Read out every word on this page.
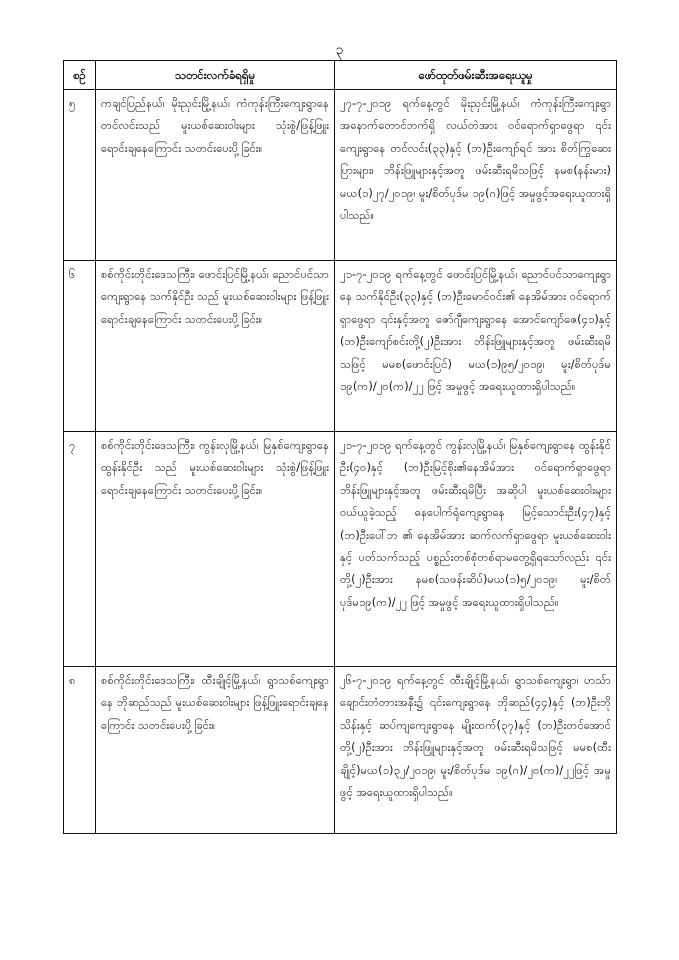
၃
စဉ်	သတင်းလက်ခံရရှိမှု	ဖော်ထုတ်ဖမ်းဆီးအရေးယူမှု
၅	ကချင်ပြည်နယ်၊ မိုးညှင်းမြို့နယ်၊ ကံကုန်းကြီးကျေးရွာနေ တင်လင်းသည် မူးယစ်ဆေးဝါးများ သုံးစွဲ/ဖြန့်ဖြူးရောင်းချနေကြောင်း သတင်းပေးပို့ခြင်း။	၂၇-၇-၂၀၁၉ ရက်နေ့တွင် မိုးညှင်းမြို့နယ်၊ ကံကုန်းကြီးကျေးရွာအနောက်တောင်ဘက်ရှိ လယ်တဲအား ဝင်ရောက်ရှာဖွေရာ ၎င်းကျေးရွာနေ တင်လင်း(၃၃)နှင့် (ဘ)ဦးကျော်ရင် အား စိတ်ကြွဆေးပြားများ၊ ဘိန်းဖြူများနှင့်အတူ ဖမ်းဆီးရမိသဖြင့် နမစ(နန်းမား) မယ(၁)၂၇/၂၀၁၉၊ မူး/စိတ်ပုဒ်မ ၁၉(ဂ)ဖြင့် အမှုဖွင့်အရေးယူထားရှိပါသည်။
၆	စစ်ကိုင်းတိုင်းဒေသကြီး၊ ဖောင်းပြင်မြို့နယ်၊ ညောင်ပင်သာကျေးရွာနေ သက်နိုင်ဦး သည် မူးယစ်ဆေးဝါးများ ဖြန့်ဖြူးရောင်းချနေကြောင်း သတင်းပေးပို့ခြင်း။	၂၁-၇-၂၀၁၉ ရက်နေ့တွင် ဖောင်းပြင်မြို့နယ်၊ ညောင်ပင်သာကျေးရွာနေ သက်နိုင်ဦး(၃၃)နှင့် (ဘ)ဦးမောင်ဝင်း၏ နေအိမ်အား ဝင်ရောက်ရှာဖွေရာ ၎င်းနှင့်အတူ ဇော်ဂျီကျေးရွာနေ အောင်ကျော်ဇေ(၄၁)နှင့် (ဘ)ဦးကျော်စင်းတို့(၂)ဦးအား ဘိန်းဖြူများနှင့်အတူ ဖမ်းဆီးရမိသဖြင့် မမစ(ဖောင်းပြင်) မယ(၁)၉၅/၂၀၁၉၊ မူး/စိတ်ပုဒ်မ ၁၉(က)/၂၀(က)/၂၂ ဖြင့် အမှုဖွင့် အရေးယူထားရှိပါသည်။
၇	စစ်ကိုင်းတိုင်းဒေသကြီး၊ ကွန်းလှမြို့နယ်၊ မြနှစ်ကျေးရွာနေ ထွန်းနိုင်ဦး သည် မူးယစ်ဆေးဝါးများ သုံးစွဲ/ဖြန့်ဖြူးရောင်းချနေကြောင်း သတင်းပေးပို့ခြင်း။	၂၁-၇-၂၀၁၉ ရက်နေ့တွင် ကွန်းလှမြို့နယ်၊ မြနှစ်ကျေးရွာနေ ထွန်းနိုင်ဦး(၄၀)နှင့် (ဘ)ဦးမြင့်စိုး၏နေအိမ်အား ဝင်ရောက်ရှာဖွေရာ ဘိန်းဖြူများနှင့်အတူ ဖမ်းဆီးရမိပြီး အဆိုပါ မူးယစ်ဆေးဝါးများ ဝယ်ယူခဲ့သည့် ဓနပေါက်ရုံကျေးရွာနေ မြင့်သောင်းဦး(၄၇)နှင့် (ဘ)ဦးပေါ်ဘ ၏ နေအိမ်အား ဆက်လက်ရှာဖွေရာ မူးယစ်ဆေးဝါးနှင့် ပတ်သက်သည့် ပစ္စည်းတစ်စုံတစ်ရာမတွေ့ရှိရသော်လည်း ၎င်းတို့(၂)ဦးအား နမစ(သဖန်းဆိပ်)မယ(၁)၅/၂၀၁၉၊ မူး/စိတ်ပုဒ်မ၁၉(က)/၂၂ ဖြင့် အမှုဖွင့် အရေးယူထားရှိပါသည်။
၈	စစ်ကိုင်းတိုင်းဒေသကြီး၊ ထီးချိုင့်မြို့နယ်၊ ရွာသစ်ကျေးရွာနေ ဘိုဆည်သည် မူးယစ်ဆေးဝါးများ ဖြန့်ဖြူးရောင်းချနေကြောင်း သတင်းပေးပို့ခြင်း။	၂၆-၇-၂၀၁၉ ရက်နေ့တွင် ထီးချိုင့်မြို့နယ်၊ ရွာသစ်ကျေးရွာ၊ ဟသ်ာချောင်းတံတားအနီး၌ ၎င်းကျေးရွာနေ ဘိုဆည်(၄၄)နှင့် (ဘ)ဦးဘိုသိန်းနှင့် ဆပ်ကျကျေးရွာနေ မျိုးထက်(၃၇)နှင့် (ဘ)ဦးတင်အောင်တို့(၂)ဦးအား ဘိန်းဖြူများနှင့်အတူ ဖမ်းဆီးရမိသဖြင့် မမစ(ထီးချိုင့်)မယ(၁)၃၂/၂၀၁၉၊ မူး/စိတ်ပုဒ်မ ၁၉(ဂ)/၂၀(က)/၂၂ဖြင့် အမှုဖွင့် အရေးယူထားရှိပါသည်။
